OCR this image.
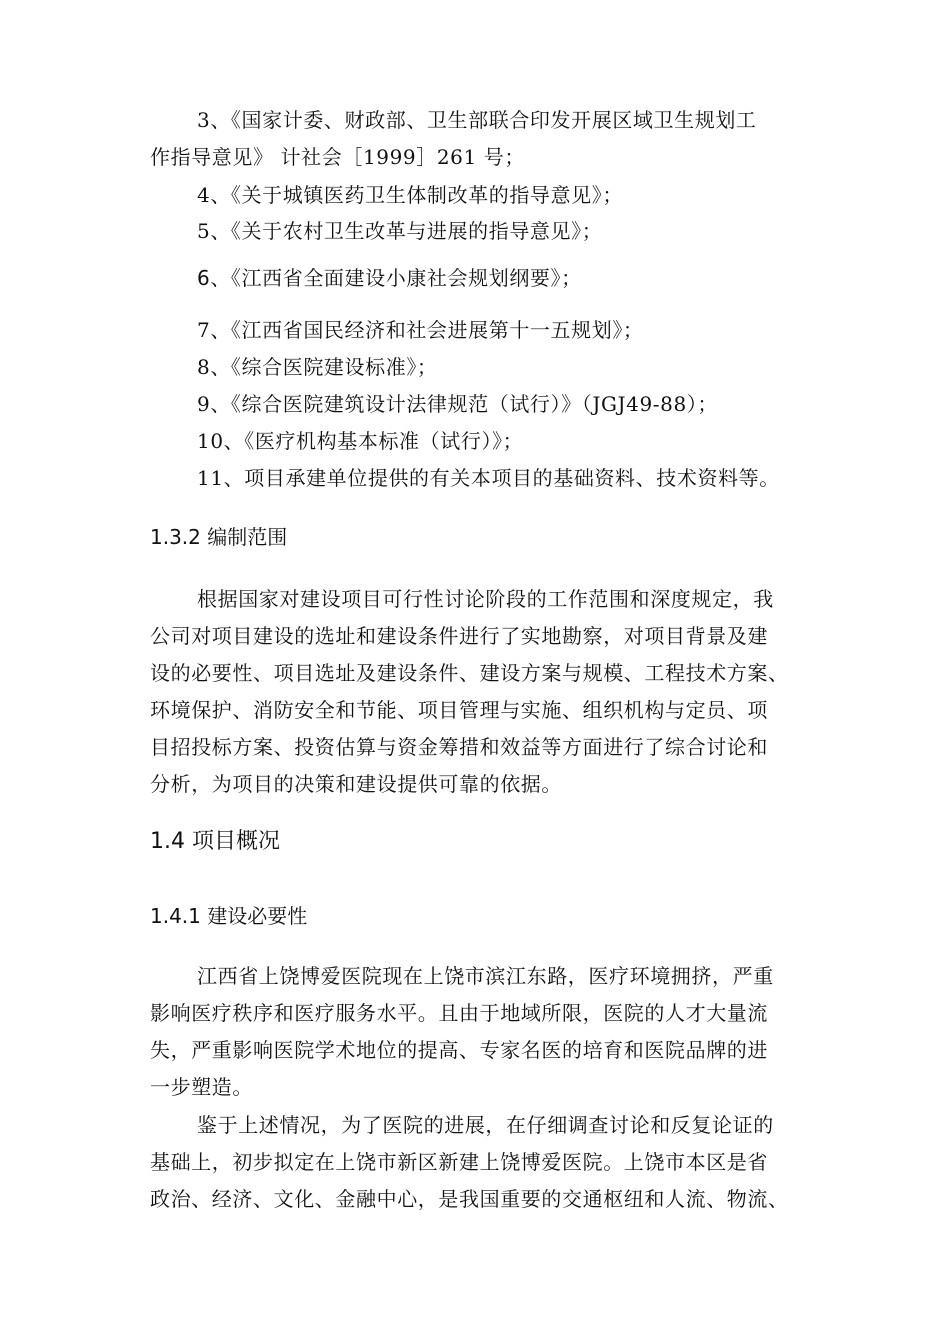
3、《国家计委、财政部、卫生部联合印发开展区域卫生规划工
作指导意见》 计社会［1999］261 号；
4、《关于城镇医药卫生体制改革的指导意见》；
5、《关于农村卫生改革与进展的指导意见》；
6、《江西省全面建设小康社会规划纲要》；
7、《江西省国民经济和社会进展第十一五规划》；
8、《综合医院建设标准》；
9、《综合医院建筑设计法律规范（试行）》（JGJ49-88）；
10、《医疗机构基本标准（试行）》；
11、项目承建单位提供的有关本项目的基础资料、技术资料等。
1.3.2 编制范围
根据国家对建设项目可行性讨论阶段的工作范围和深度规定，我
公司对项目建设的选址和建设条件进行了实地勘察，对项目背景及建
设的必要性、项目选址及建设条件、建设方案与规模、工程技术方案、
环境保护、消防安全和节能、项目管理与实施、组织机构与定员、项
目招投标方案、投资估算与资金筹措和效益等方面进行了综合讨论和
分析，为项目的决策和建设提供可靠的依据。
1.4 项目概况
1.4.1 建设必要性
江西省上饶博爱医院现在上饶市滨江东路，医疗环境拥挤，严重
影响医疗秩序和医疗服务水平。且由于地域所限，医院的人才大量流
失，严重影响医院学术地位的提高、专家名医的培育和医院品牌的进
一步塑造。
鉴于上述情况，为了医院的进展，在仔细调查讨论和反复论证的
基础上，初步拟定在上饶市新区新建上饶博爱医院。上饶市本区是省
政治、经济、文化、金融中心，是我国重要的交通枢纽和人流、物流、
